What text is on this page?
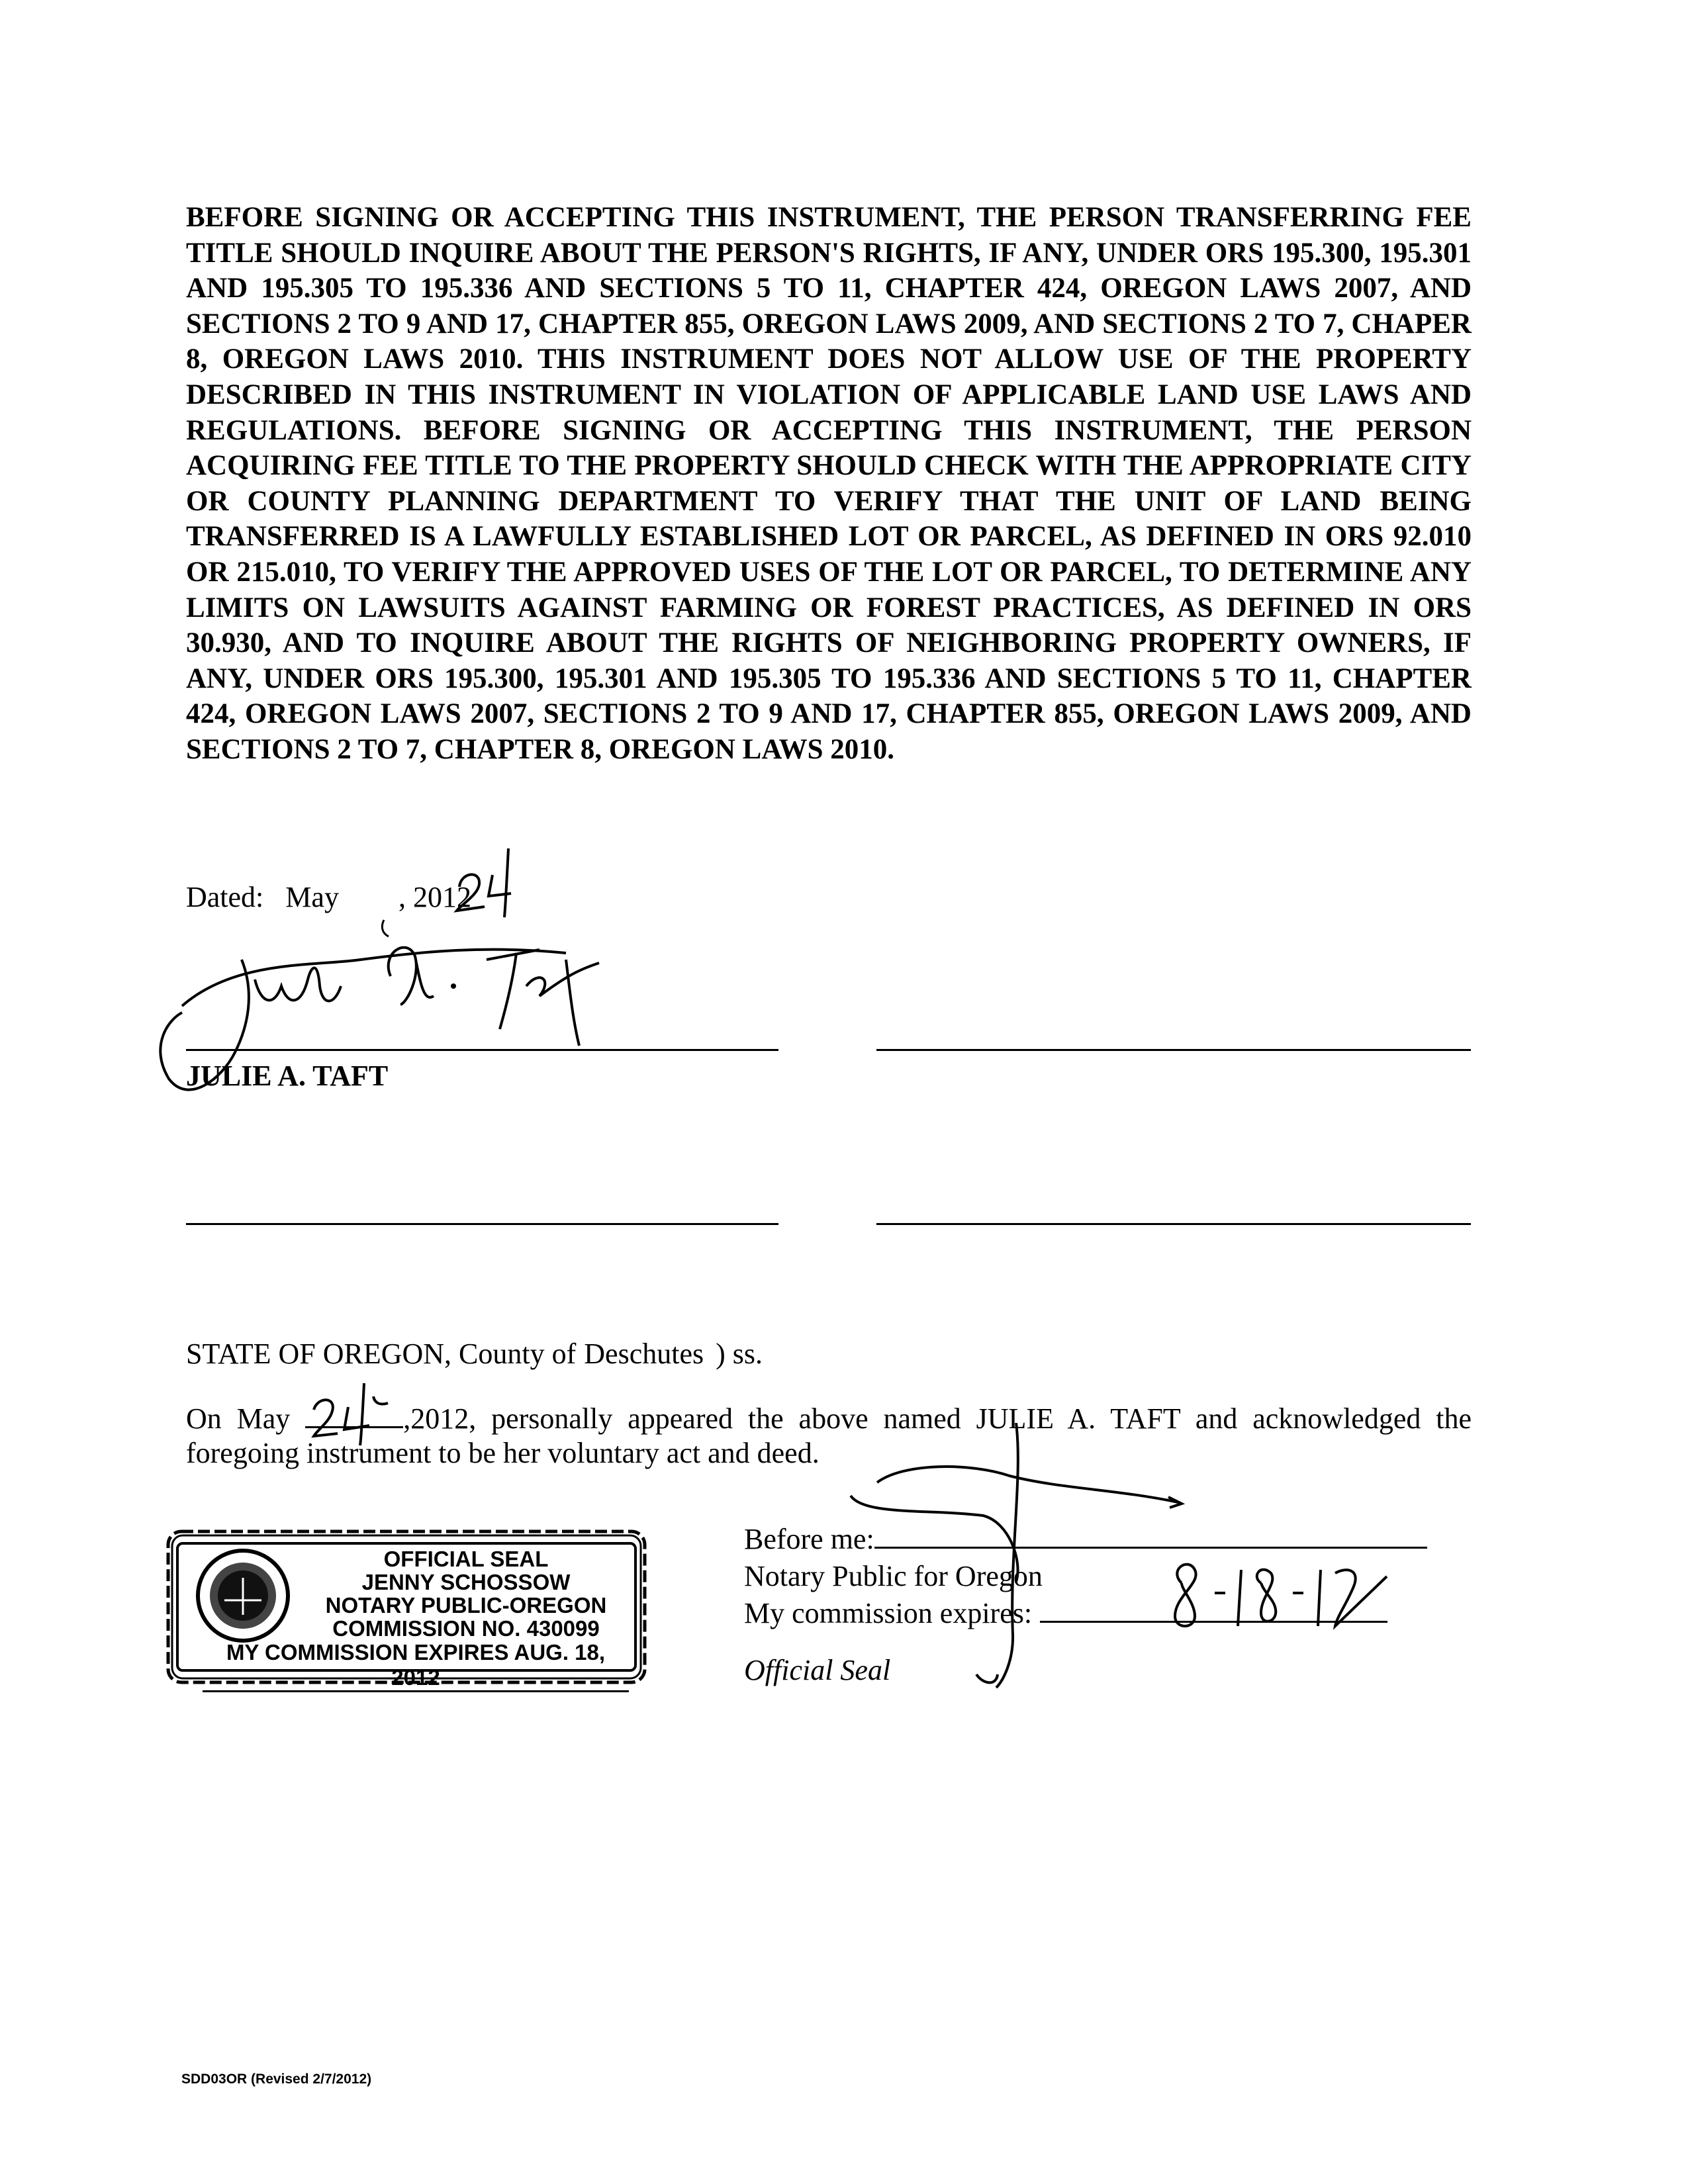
BEFORE SIGNING OR ACCEPTING THIS INSTRUMENT, THE PERSON TRANSFERRING FEE TITLE SHOULD INQUIRE ABOUT THE PERSON'S RIGHTS, IF ANY, UNDER ORS 195.300, 195.301 AND 195.305 TO 195.336 AND SECTIONS 5 TO 11, CHAPTER 424, OREGON LAWS 2007, AND SECTIONS 2 TO 9 AND 17, CHAPTER 855, OREGON LAWS 2009, AND SECTIONS 2 TO 7, CHAPER 8, OREGON LAWS 2010. THIS INSTRUMENT DOES NOT ALLOW USE OF THE PROPERTY DESCRIBED IN THIS INSTRUMENT IN VIOLATION OF APPLICABLE LAND USE LAWS AND REGULATIONS. BEFORE SIGNING OR ACCEPTING THIS INSTRUMENT, THE PERSON ACQUIRING FEE TITLE TO THE PROPERTY SHOULD CHECK WITH THE APPROPRIATE CITY OR COUNTY PLANNING DEPARTMENT TO VERIFY THAT THE UNIT OF LAND BEING TRANSFERRED IS A LAWFULLY ESTABLISHED LOT OR PARCEL, AS DEFINED IN ORS 92.010 OR 215.010, TO VERIFY THE APPROVED USES OF THE LOT OR PARCEL, TO DETERMINE ANY LIMITS ON LAWSUITS AGAINST FARMING OR FOREST PRACTICES, AS DEFINED IN ORS 30.930, AND TO INQUIRE ABOUT THE RIGHTS OF NEIGHBORING PROPERTY OWNERS, IF ANY, UNDER ORS 195.300, 195.301 AND 195.305 TO 195.336 AND SECTIONS 5 TO 11, CHAPTER 424, OREGON LAWS 2007, SECTIONS 2 TO 9 AND 17, CHAPTER 855, OREGON LAWS 2009, AND SECTIONS 2 TO 7, CHAPTER 8, OREGON LAWS 2010.

Dated: May , 2012
JULIE A. TAFT
STATE OF OREGON, County of Deschutes ) ss.

On May	,2012, personally appeared the above named JULIE A. TAFT and acknowledged the foregoing instrument to be her voluntary act and deed.

OFFICIAL SEAL
JENNY SCHOSSOW
NOTARY PUBLIC-OREGON
COMMISSION NO. 430099
MY COMMISSION EXPIRES AUG. 18, 2012
Before me:
Notary Public for Oregon
My commission expires:
Official Seal
SDD03OR (Revised 2/7/2012)
